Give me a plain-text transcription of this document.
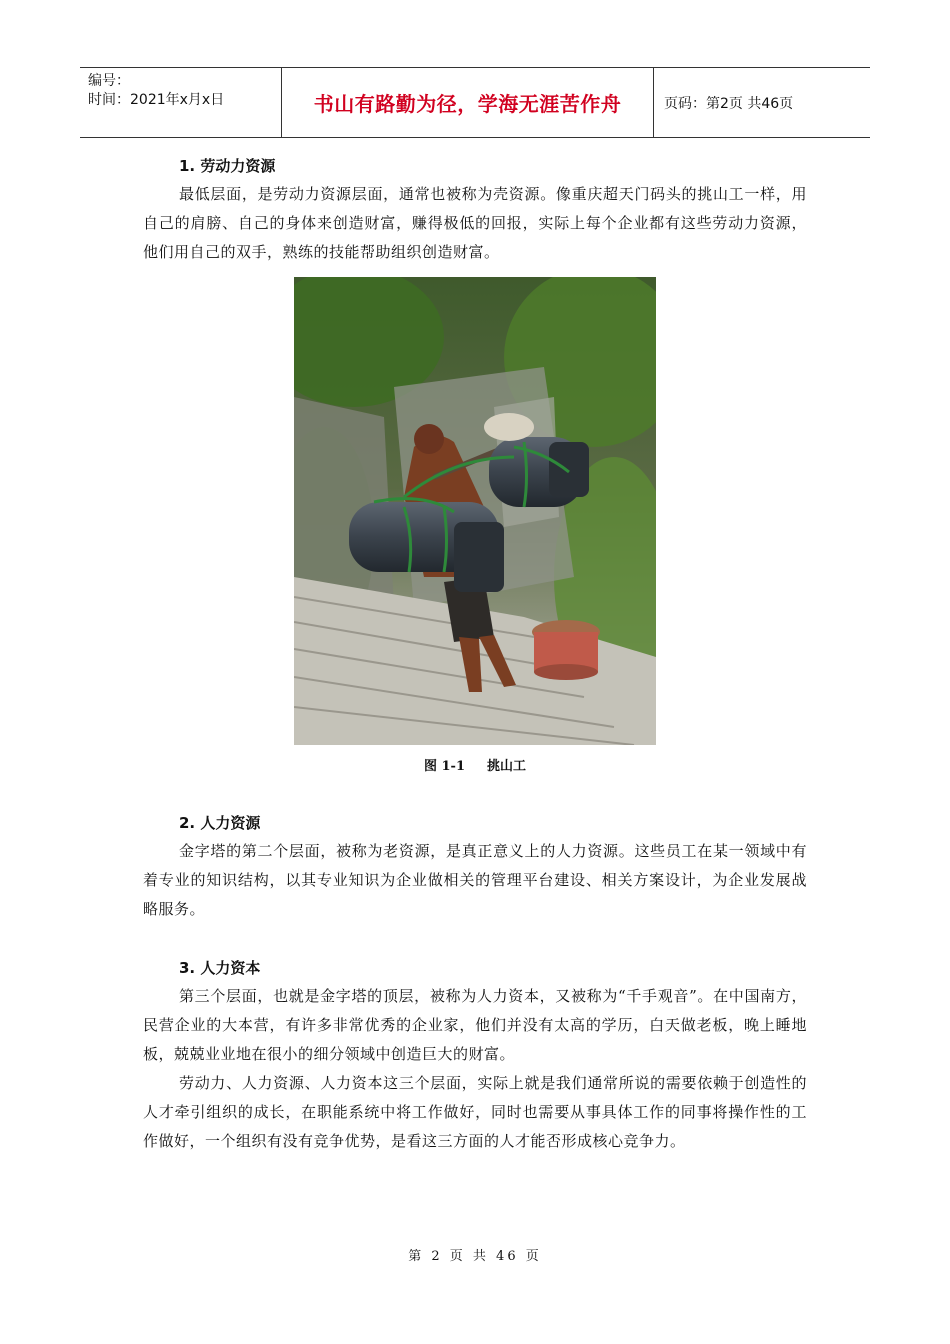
编号：
时间：2021年x月x日	书山有路勤为径，学海无涯苦作舟	页码：第2页 共46页
1. 劳动力资源

最低层面，是劳动力资源层面，通常也被称为壳资源。像重庆超天门码头的挑山工一样，用自己的肩膀、自己的身体来创造财富，赚得极低的回报，实际上每个企业都有这些劳动力资源，他们用自己的双手，熟练的技能帮助组织创造财富。

图 1-1 挑山工
2. 人力资源

金字塔的第二个层面，被称为老资源，是真正意义上的人力资源。这些员工在某一领域中有着专业的知识结构，以其专业知识为企业做相关的管理平台建设、相关方案设计，为企业发展战略服务。

3. 人力资本

第三个层面，也就是金字塔的顶层，被称为人力资本，又被称为“千手观音”。在中国南方，民营企业的大本营，有许多非常优秀的企业家，他们并没有太高的学历，白天做老板，晚上睡地板，兢兢业业地在很小的细分领域中创造巨大的财富。

劳动力、人力资源、人力资本这三个层面，实际上就是我们通常所说的需要依赖于创造性的人才牵引组织的成长，在职能系统中将工作做好，同时也需要从事具体工作的同事将操作性的工作做好，一个组织有没有竞争优势，是看这三方面的人才能否形成核心竞争力。

第 2 页 共 46 页
